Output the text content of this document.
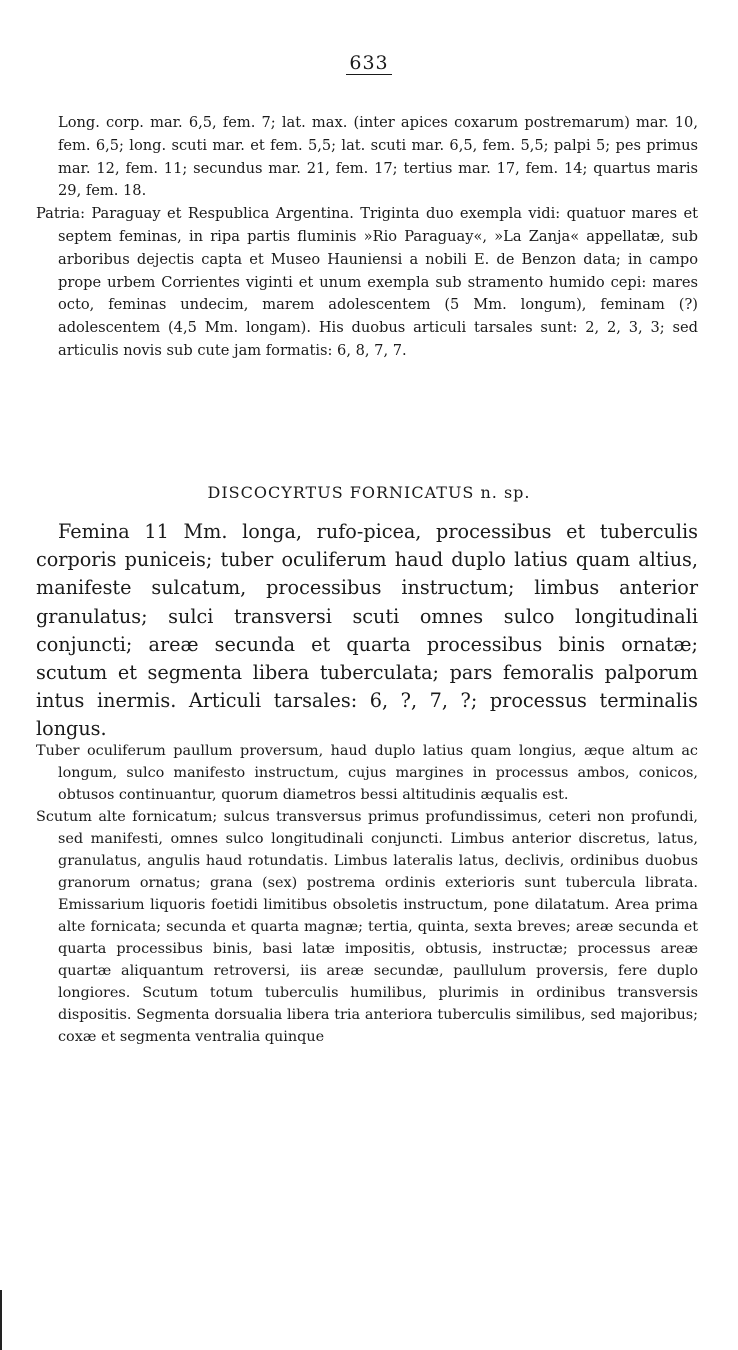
633

Long. corp. mar. 6,5, fem. 7; lat. max. (inter apices coxarum postremarum) mar. 10, fem. 6,5; long. scuti mar. et fem. 5,5; lat. scuti mar. 6,5, fem. 5,5; palpi 5; pes primus mar. 12, fem. 11; secundus mar. 21, fem. 17; tertius mar. 17, fem. 14; quartus maris 29, fem. 18.

Patria: Paraguay et Respublica Argentina. Triginta duo exempla vidi: quatuor mares et septem feminas, in ripa partis fluminis »Rio Paraguay«, »La Zanja« appellatæ, sub arboribus dejectis capta et Museo Hauniensi a nobili E. de Benzon data; in campo prope urbem Corrientes viginti et unum exempla sub stramento humido cepi: mares octo, feminas undecim, marem adolescentem (5 Mm. longum), feminam (?) adolescentem (4,5 Mm. longam). His duobus articuli tarsales sunt: 2, 2, 3, 3; sed articulis novis sub cute jam formatis: 6, 8, 7, 7.

DISCOCYRTUS FORNICATUS n. sp.

Femina 11 Mm. longa, rufo-picea, processibus et tuberculis corporis puniceis; tuber oculiferum haud duplo latius quam altius, manifeste sulcatum, processibus instructum; limbus anterior granulatus; sulci transversi scuti omnes sulco longitudinali conjuncti; areæ secunda et quarta processibus binis ornatæ; scutum et segmenta libera tuberculata; pars femoralis palporum intus inermis. Articuli tarsales: 6, ?, 7, ?; processus terminalis longus.

Tuber oculiferum paullum proversum, haud duplo latius quam longius, æque altum ac longum, sulco manifesto instructum, cujus margines in processus ambos, conicos, obtusos continuantur, quorum diametros bessi altitudinis æqualis est.

Scutum alte fornicatum; sulcus transversus primus profundissimus, ceteri non profundi, sed manifesti, omnes sulco longitudinali conjuncti. Limbus anterior discretus, latus, granulatus, angulis haud rotundatis. Limbus lateralis latus, declivis, ordinibus duobus granorum ornatus; grana (sex) postrema ordinis exterioris sunt tubercula librata. Emissarium liquoris foetidi limitibus obsoletis instructum, pone dilatatum. Area prima alte fornicata; secunda et quarta magnæ; tertia, quinta, sexta breves; areæ secunda et quarta processibus binis, basi latæ impositis, obtusis, instructæ; processus areæ quartæ aliquantum retroversi, iis areæ secundæ, paullulum proversis, fere duplo longiores. Scutum totum tuberculis humilibus, plurimis in ordinibus transversis dispositis. Segmenta dorsualia libera tria anteriora tuberculis similibus, sed majoribus; coxæ et segmenta ventralia quinque
